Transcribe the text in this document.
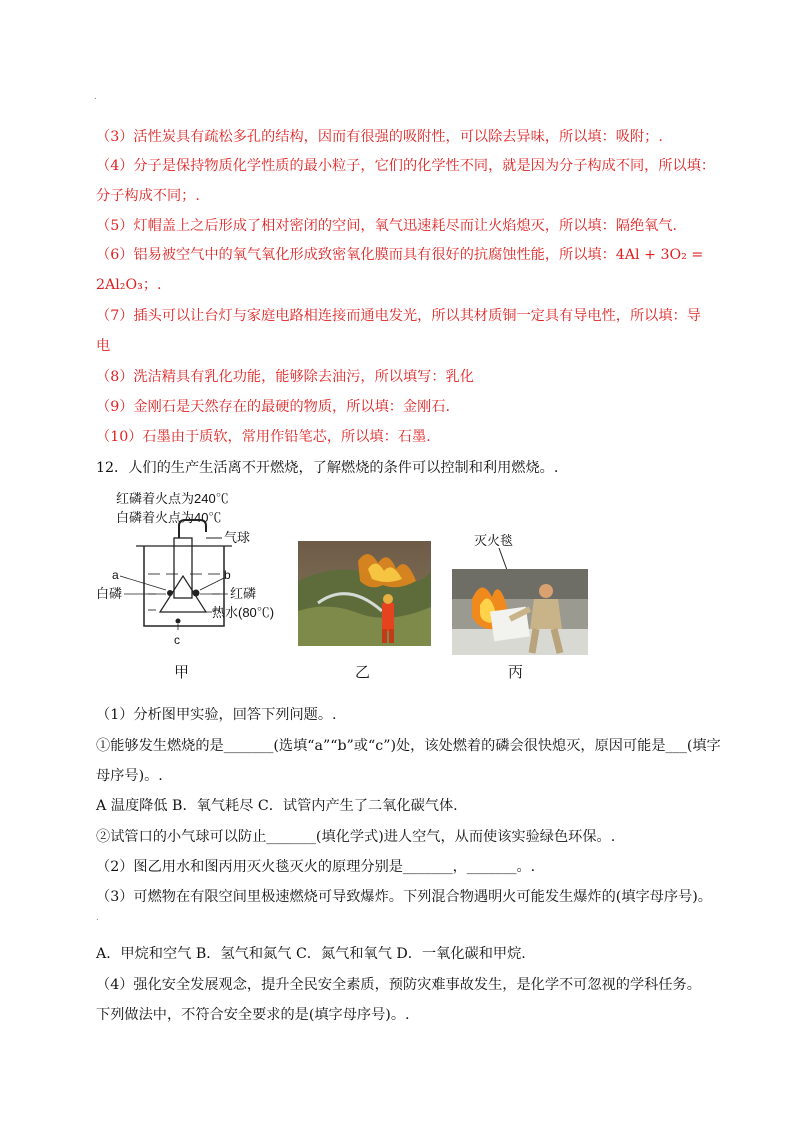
.
（3）活性炭具有疏松多孔的结构，因而有很强的吸附性，可以除去异味，所以填：吸附；.
（4）分子是保持物质化学性质的最小粒子，它们的化学性不同，就是因为分子构成不同，所以填：
分子构成不同；.
（5）灯帽盖上之后形成了相对密闭的空间，氧气迅速耗尽而让火焰熄灭，所以填：隔绝氧气.
（6）铝易被空气中的氧气氧化形成致密氧化膜而具有很好的抗腐蚀性能，所以填：4Al + 3O₂ =
2Al₂O₃；.
（7）插头可以让台灯与家庭电路相连接而通电发光，所以其材质铜一定具有导电性，所以填：导
电
（8）洗洁精具有乳化功能，能够除去油污，所以填写：乳化
（9）金刚石是天然存在的最硬的物质，所以填：金刚石.
（10）石墨由于质软，常用作铅笔芯，所以填：石墨.
12．人们的生产生活离不开燃烧，了解燃烧的条件可以控制和利用燃烧。.
红磷着火点为240℃
白磷着火点为40℃
气球
a	b
白磷	红磷
热水(80℃)
c
灭火毯
甲	乙	丙
（1）分析图甲实验，回答下列问题。.
①能够发生燃烧的是_______(选填“a”“b”或“c”)处，该处燃着的磷会很快熄灭，原因可能是___(填字
母序号)。.
A 温度降低 B．氧气耗尽 C．试管内产生了二氧化碳气体.
②试管口的小气球可以防止_______(填化学式)进人空气，从而使该实验绿色环保。.
（2）图乙用水和图丙用灭火毯灭火的原理分别是_______，_______。.
（3）可燃物在有限空间里极速燃烧可导致爆炸。下列混合物遇明火可能发生爆炸的(填字母序号)。
.
A．甲烷和空气 B．氢气和氮气 C．氮气和氧气 D．一氧化碳和甲烷.
（4）强化安全发展观念，提升全民安全素质，预防灾难事故发生，是化学不可忽视的学科任务。
下列做法中，不符合安全要求的是(填字母序号)。.
